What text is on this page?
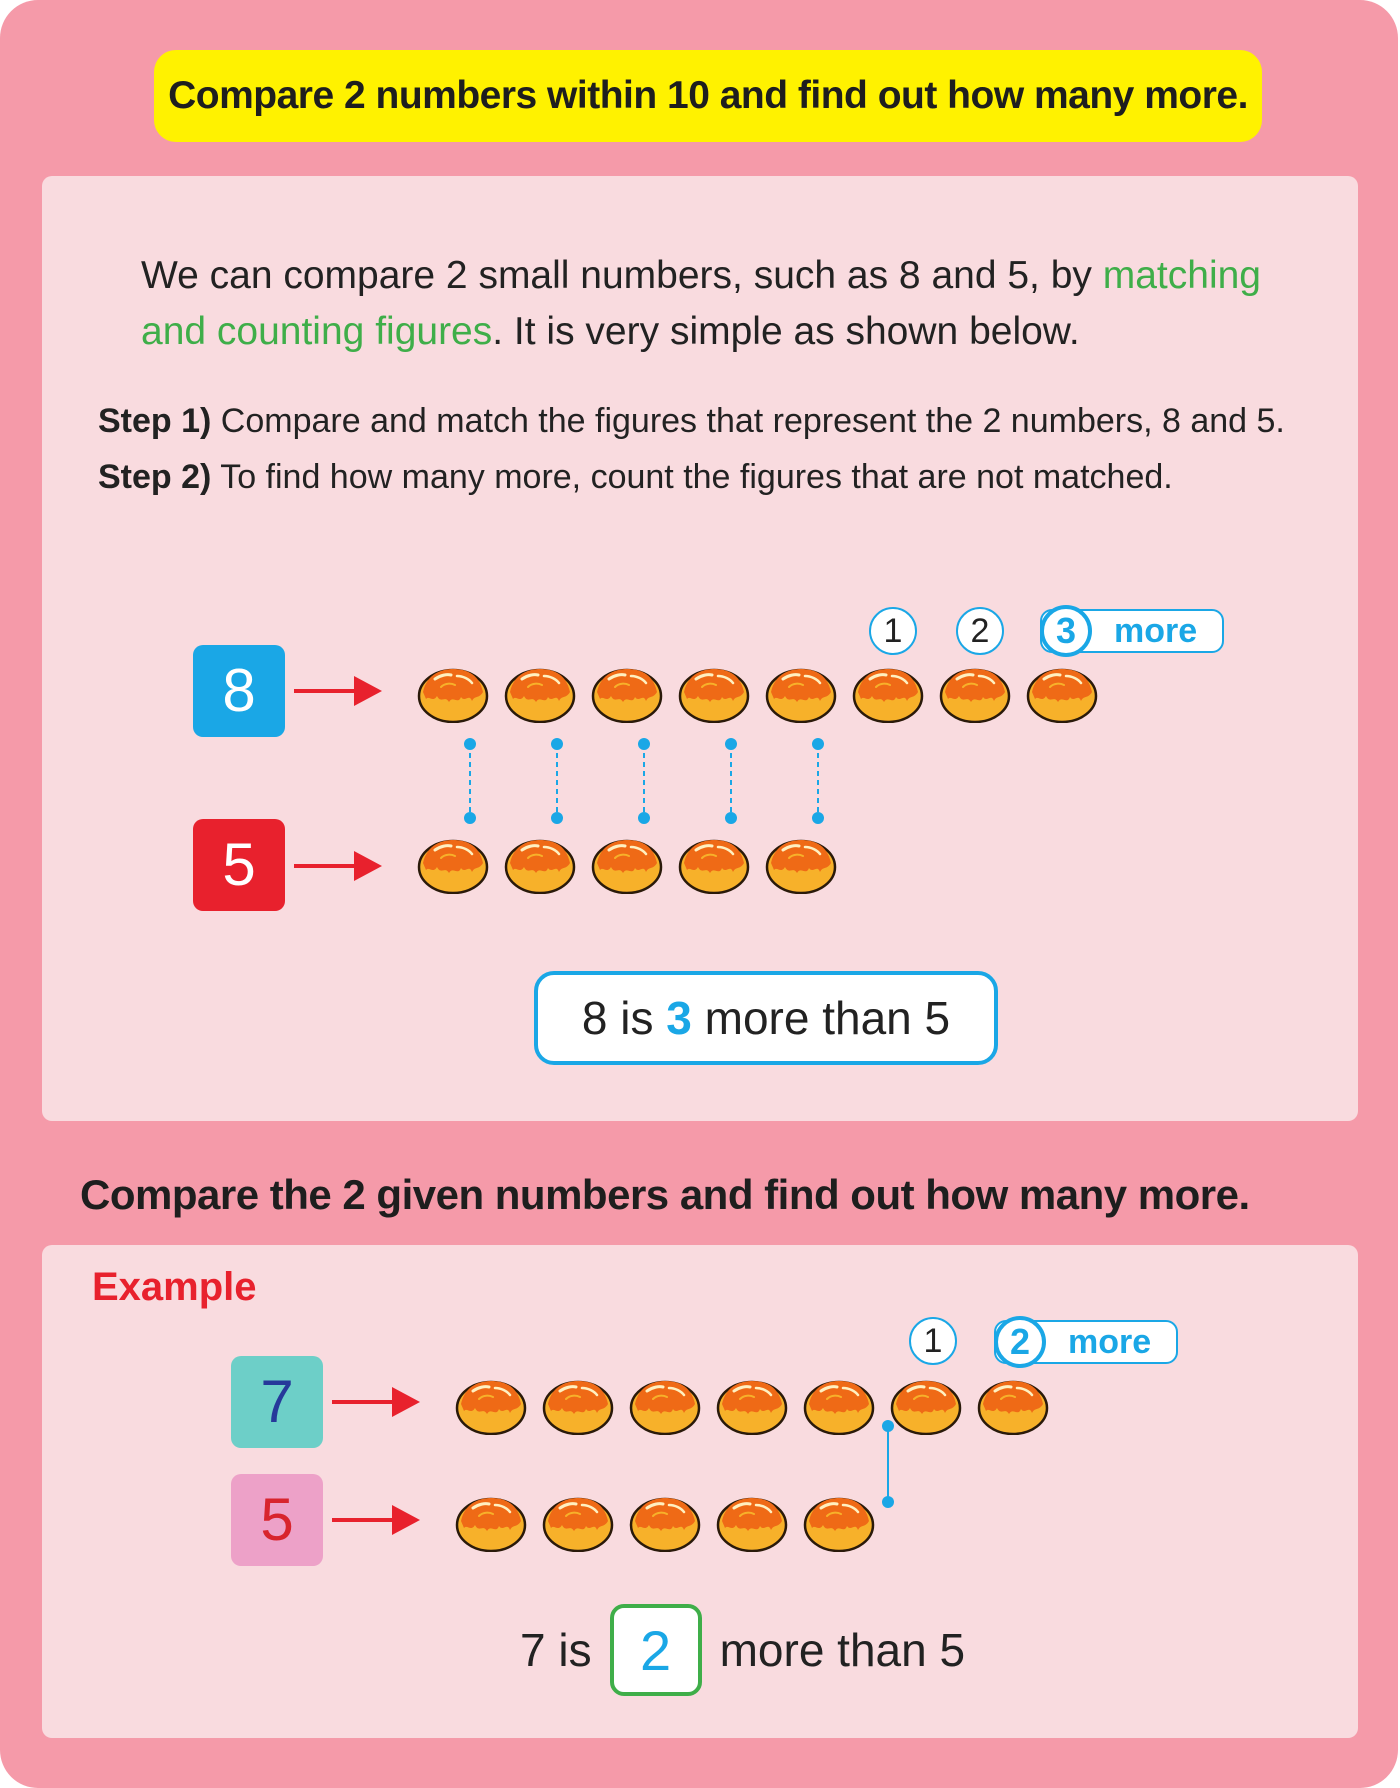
Compare 2 numbers within 10 and find out how many more.
We can compare 2 small numbers, such as 8 and 5, by matching and counting figures. It is very simple as shown below.
Step 1) Compare and match the figures that represent the 2 numbers, 8 and 5.
Step 2) To find how many more, count the figures that are not matched.
8
5
1	2	3	more
8 is 3 more than 5
Compare the 2 given numbers and find out how many more.
Example
7
5
1	2	more
7 is 2	more than 5
